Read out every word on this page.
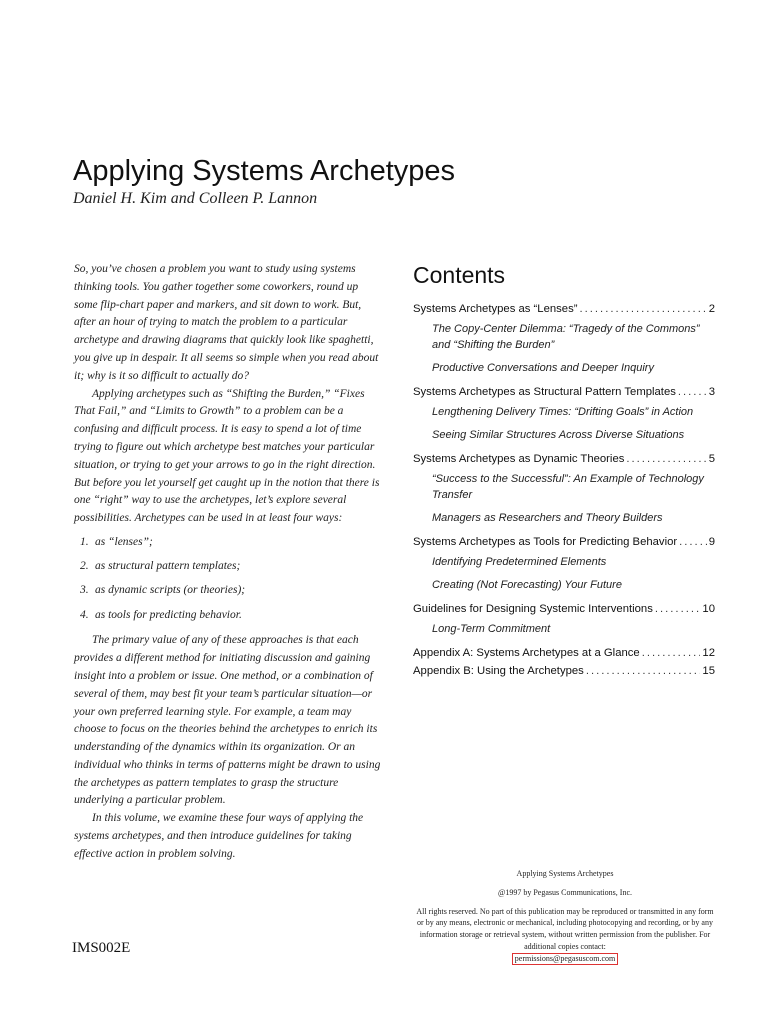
Applying Systems Archetypes
Daniel H. Kim and Colleen P. Lannon

So, you’ve chosen a problem you want to study using systems thinking tools. You gather together some coworkers, round up some flip-chart paper and markers, and sit down to work. But, after an hour of trying to match the problem to a particular archetype and drawing diagrams that quickly look like spaghetti, you give up in despair. It all seems so simple when you read about it; why is it so difficult to actually do?

Applying archetypes such as “Shifting the Burden,” “Fixes That Fail,” and “Limits to Growth” to a problem can be a confusing and difficult process. It is easy to spend a lot of time trying to figure out which archetype best matches your particular situation, or trying to get your arrows to go in the right direction. But before you let yourself get caught up in the notion that there is one “right” way to use the archetypes, let’s explore several possibilities. Archetypes can be used in at least four ways:

1. as “lenses”;
2. as structural pattern templates;
3. as dynamic scripts (or theories);
4. as tools for predicting behavior.

The primary value of any of these approaches is that each provides a different method for initiating discussion and gaining insight into a problem or issue. One method, or a combination of several of them, may best fit your team’s particular situation—or your own preferred learning style. For example, a team may choose to focus on the theories behind the archetypes to enrich its understanding of the dynamics within its organization. Or an individual who thinks in terms of patterns might be drawn to using the archetypes as pattern templates to grasp the structure underlying a particular problem.

In this volume, we examine these four ways of applying the systems archetypes, and then introduce guidelines for taking effective action in problem solving.

Contents
Systems Archetypes as “Lenses” .....	2
The Copy-Center Dilemma: “Tragedy of the Commons” and “Shifting the Burden”
Productive Conversations and Deeper Inquiry
Systems Archetypes as Structural Pattern Templates .....	3
Lengthening Delivery Times: “Drifting Goals” in Action
Seeing Similar Structures Across Diverse Situations
Systems Archetypes as Dynamic Theories .....	5
“Success to the Successful”: An Example of Technology Transfer
Managers as Researchers and Theory Builders
Systems Archetypes as Tools for Predicting Behavior .....	9
Identifying Predetermined Elements
Creating (Not Forecasting) Your Future
Guidelines for Designing Systemic Interventions .....	10
Long-Term Commitment
Appendix A: Systems Archetypes at a Glance .....	12
Appendix B: Using the Archetypes .....	15
Applying Systems Archetypes
@1997 by Pegasus Communications, Inc.
All rights reserved. No part of this publication may be reproduced or transmitted in any form or by any means, electronic or mechanical, including photocopying and recording, or by any information storage or retrieval system, without written permission from the publisher. For additional copies contact:
permissions@pegasuscom.com
IMS002E
